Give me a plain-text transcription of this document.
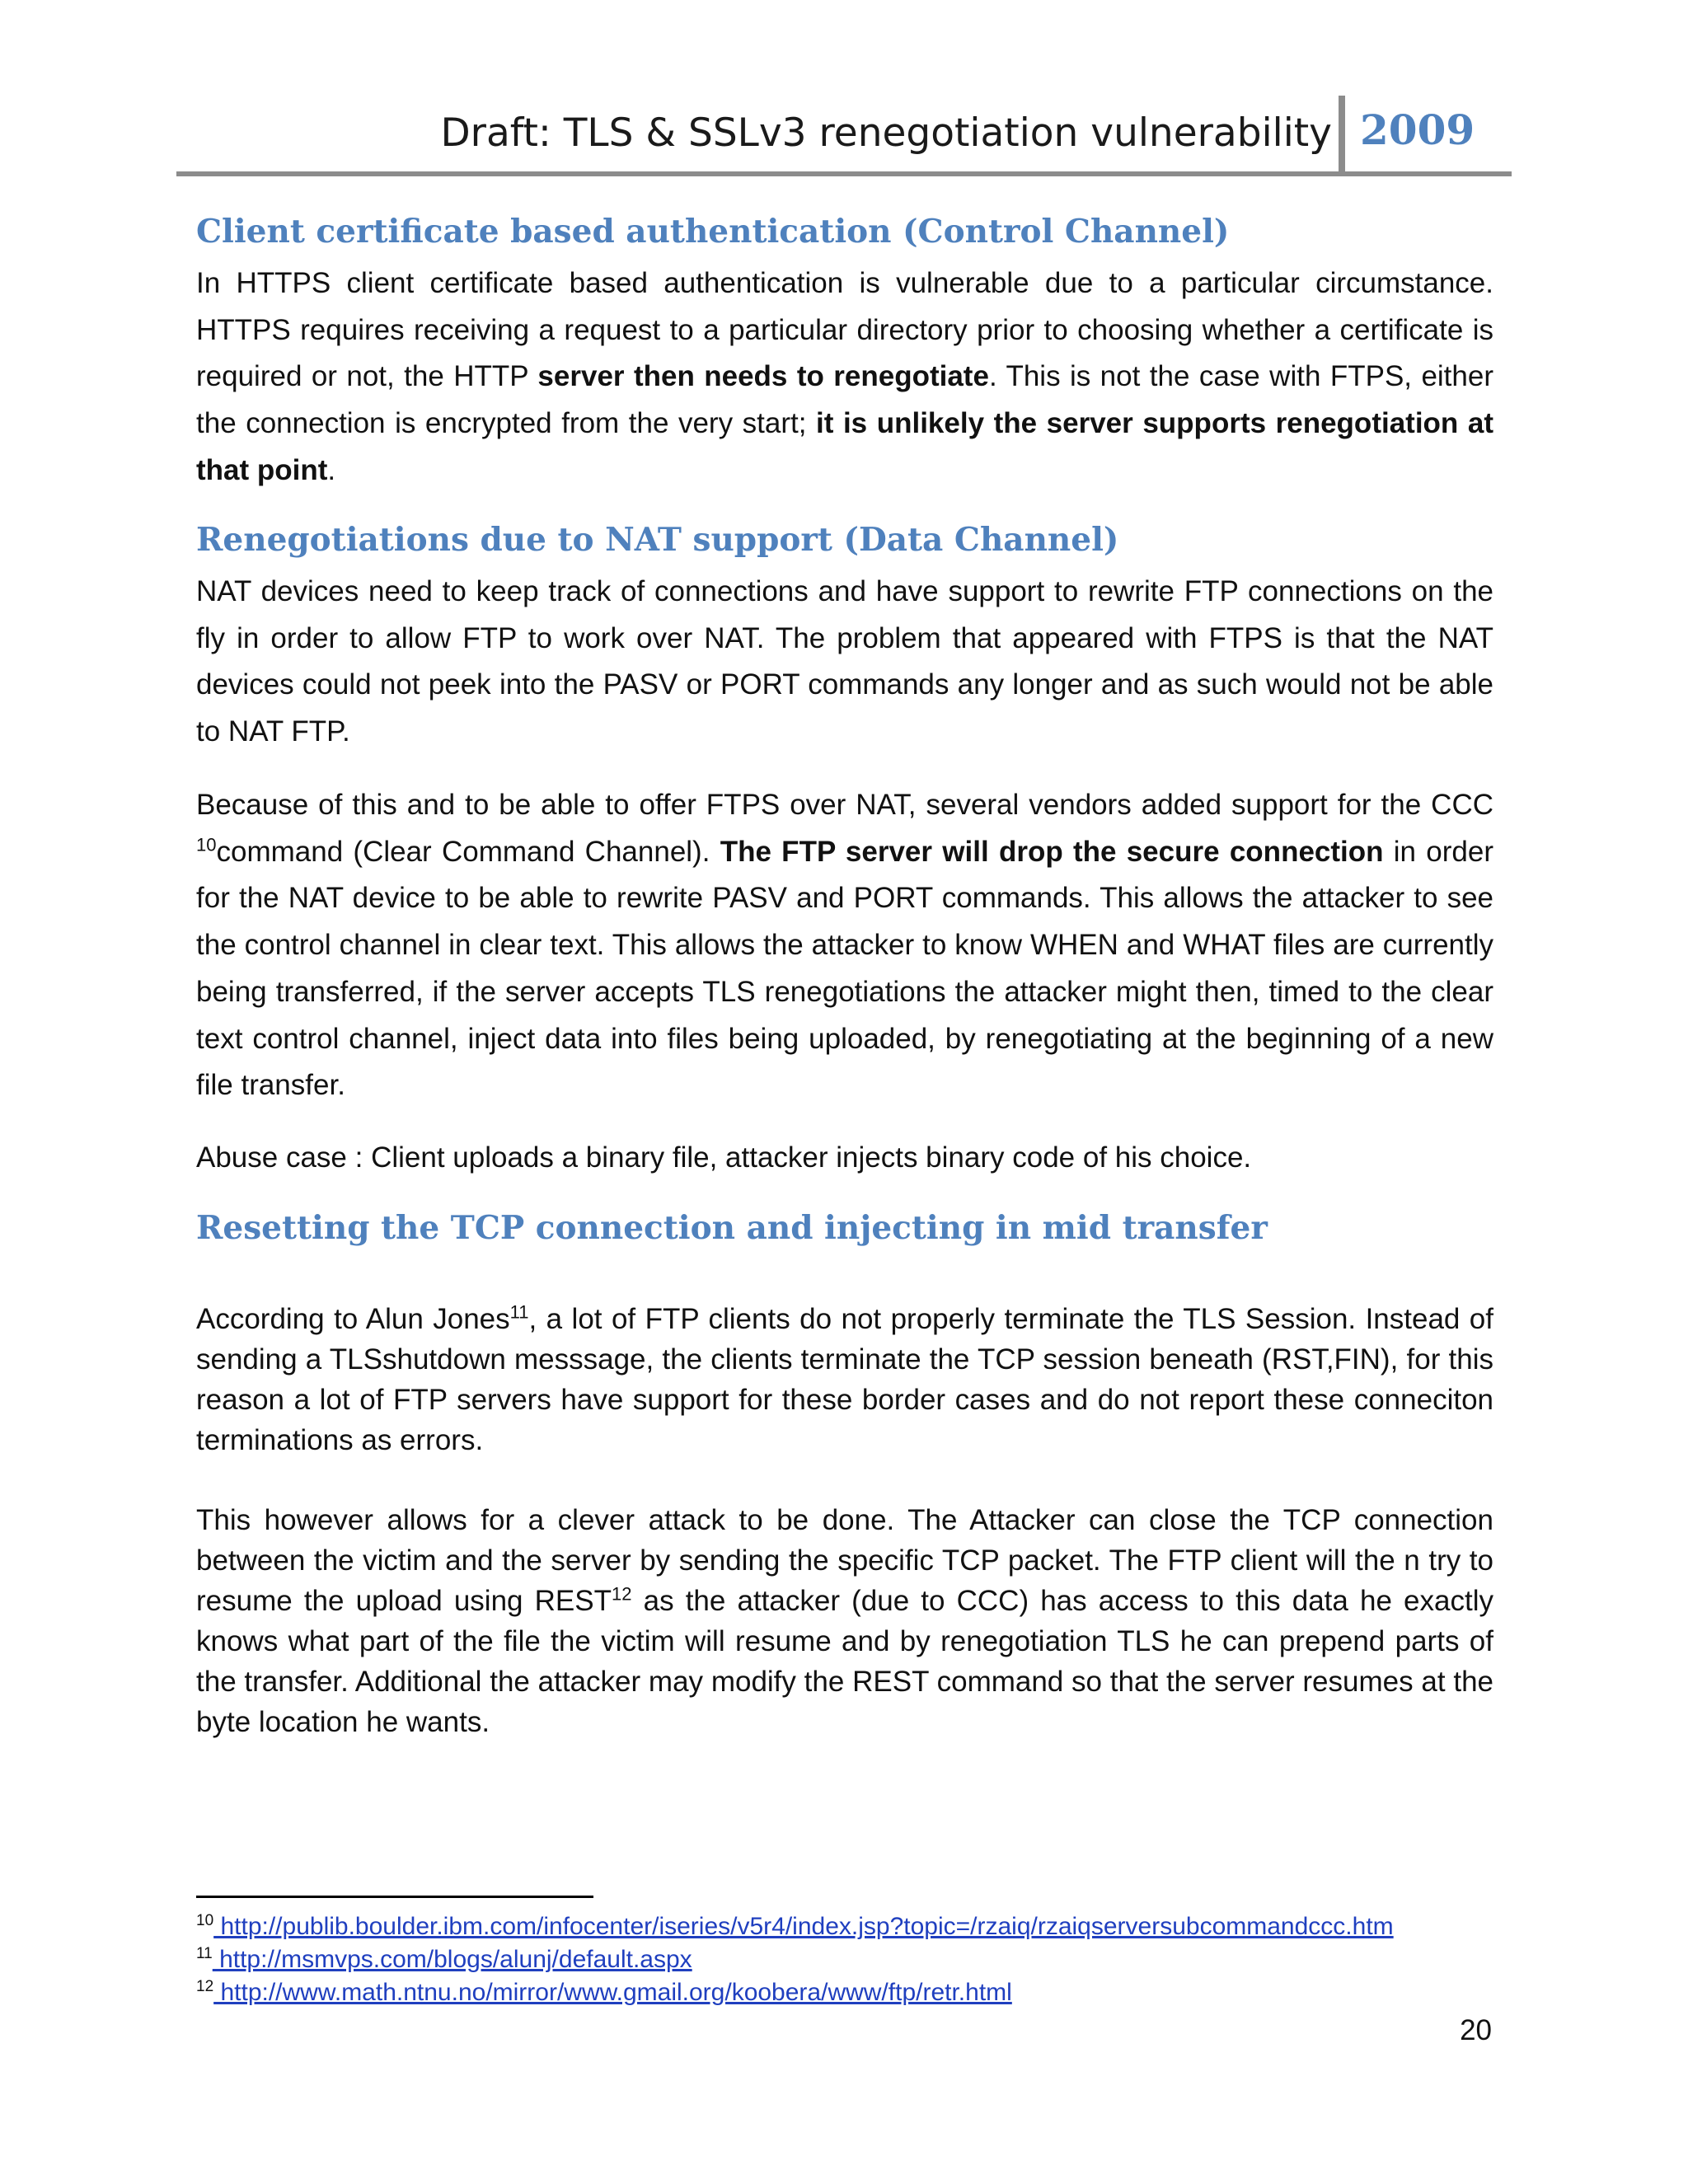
Draft: TLS & SSLv3 renegotiation vulnerability 2009
Client certificate based authentication (Control Channel)

In HTTPS client certificate based authentication is vulnerable due to a particular circumstance. HTTPS requires receiving a request to a particular directory prior to choosing whether a certificate is required or not, the HTTP server then needs to renegotiate. This is not the case with FTPS, either the connection is encrypted from the very start; it is unlikely the server supports renegotiation at that point.

Renegotiations due to NAT support (Data Channel)

NAT devices need to keep track of connections and have support to rewrite FTP connections on the fly in order to allow FTP to work over NAT. The problem that appeared with FTPS is that the NAT devices could not peek into the PASV or PORT commands any longer and as such would not be able to NAT FTP.

Because of this and to be able to offer FTPS over NAT, several vendors added support for the CCC $^{10}$command (Clear Command Channel). The FTP server will drop the secure connection in order for the NAT device to be able to rewrite PASV and PORT commands. This allows the attacker to see the control channel in clear text. This allows the attacker to know WHEN and WHAT files are currently being transferred, if the server accepts TLS renegotiations the attacker might then, timed to the clear text control channel, inject data into files being uploaded, by renegotiating at the beginning of a new file transfer.

Abuse case : Client uploads a binary file, attacker injects binary code of his choice.

Resetting the TCP connection and injecting in mid transfer

According to Alun Jones$^{11}$, a lot of FTP clients do not properly terminate the TLS Session. Instead of sending a TLSshutdown messsage, the clients terminate the TCP session beneath (RST,FIN), for this reason a lot of FTP servers have support for these border cases and do not report these conneciton terminations as errors.

This however allows for a clever attack to be done. The Attacker can close the TCP connection between the victim and the server by sending the specific TCP packet. The FTP client will the n try to resume the upload using REST$^{12}$ as the attacker (due to CCC) has access to this data he exactly knows what part of the file the victim will resume and by renegotiation TLS he can prepend parts of the transfer. Additional the attacker may modify the REST command so that the server resumes at the byte location he wants.

$^{10}$ http://publib.boulder.ibm.com/infocenter/iseries/v5r4/index.jsp?topic=/rzaiq/rzaiqserversubcommandccc.htm
$^{11}$ http://msmvps.com/blogs/alunj/default.aspx
$^{12}$ http://www.math.ntnu.no/mirror/www.gmail.org/koobera/www/ftp/retr.html
20
